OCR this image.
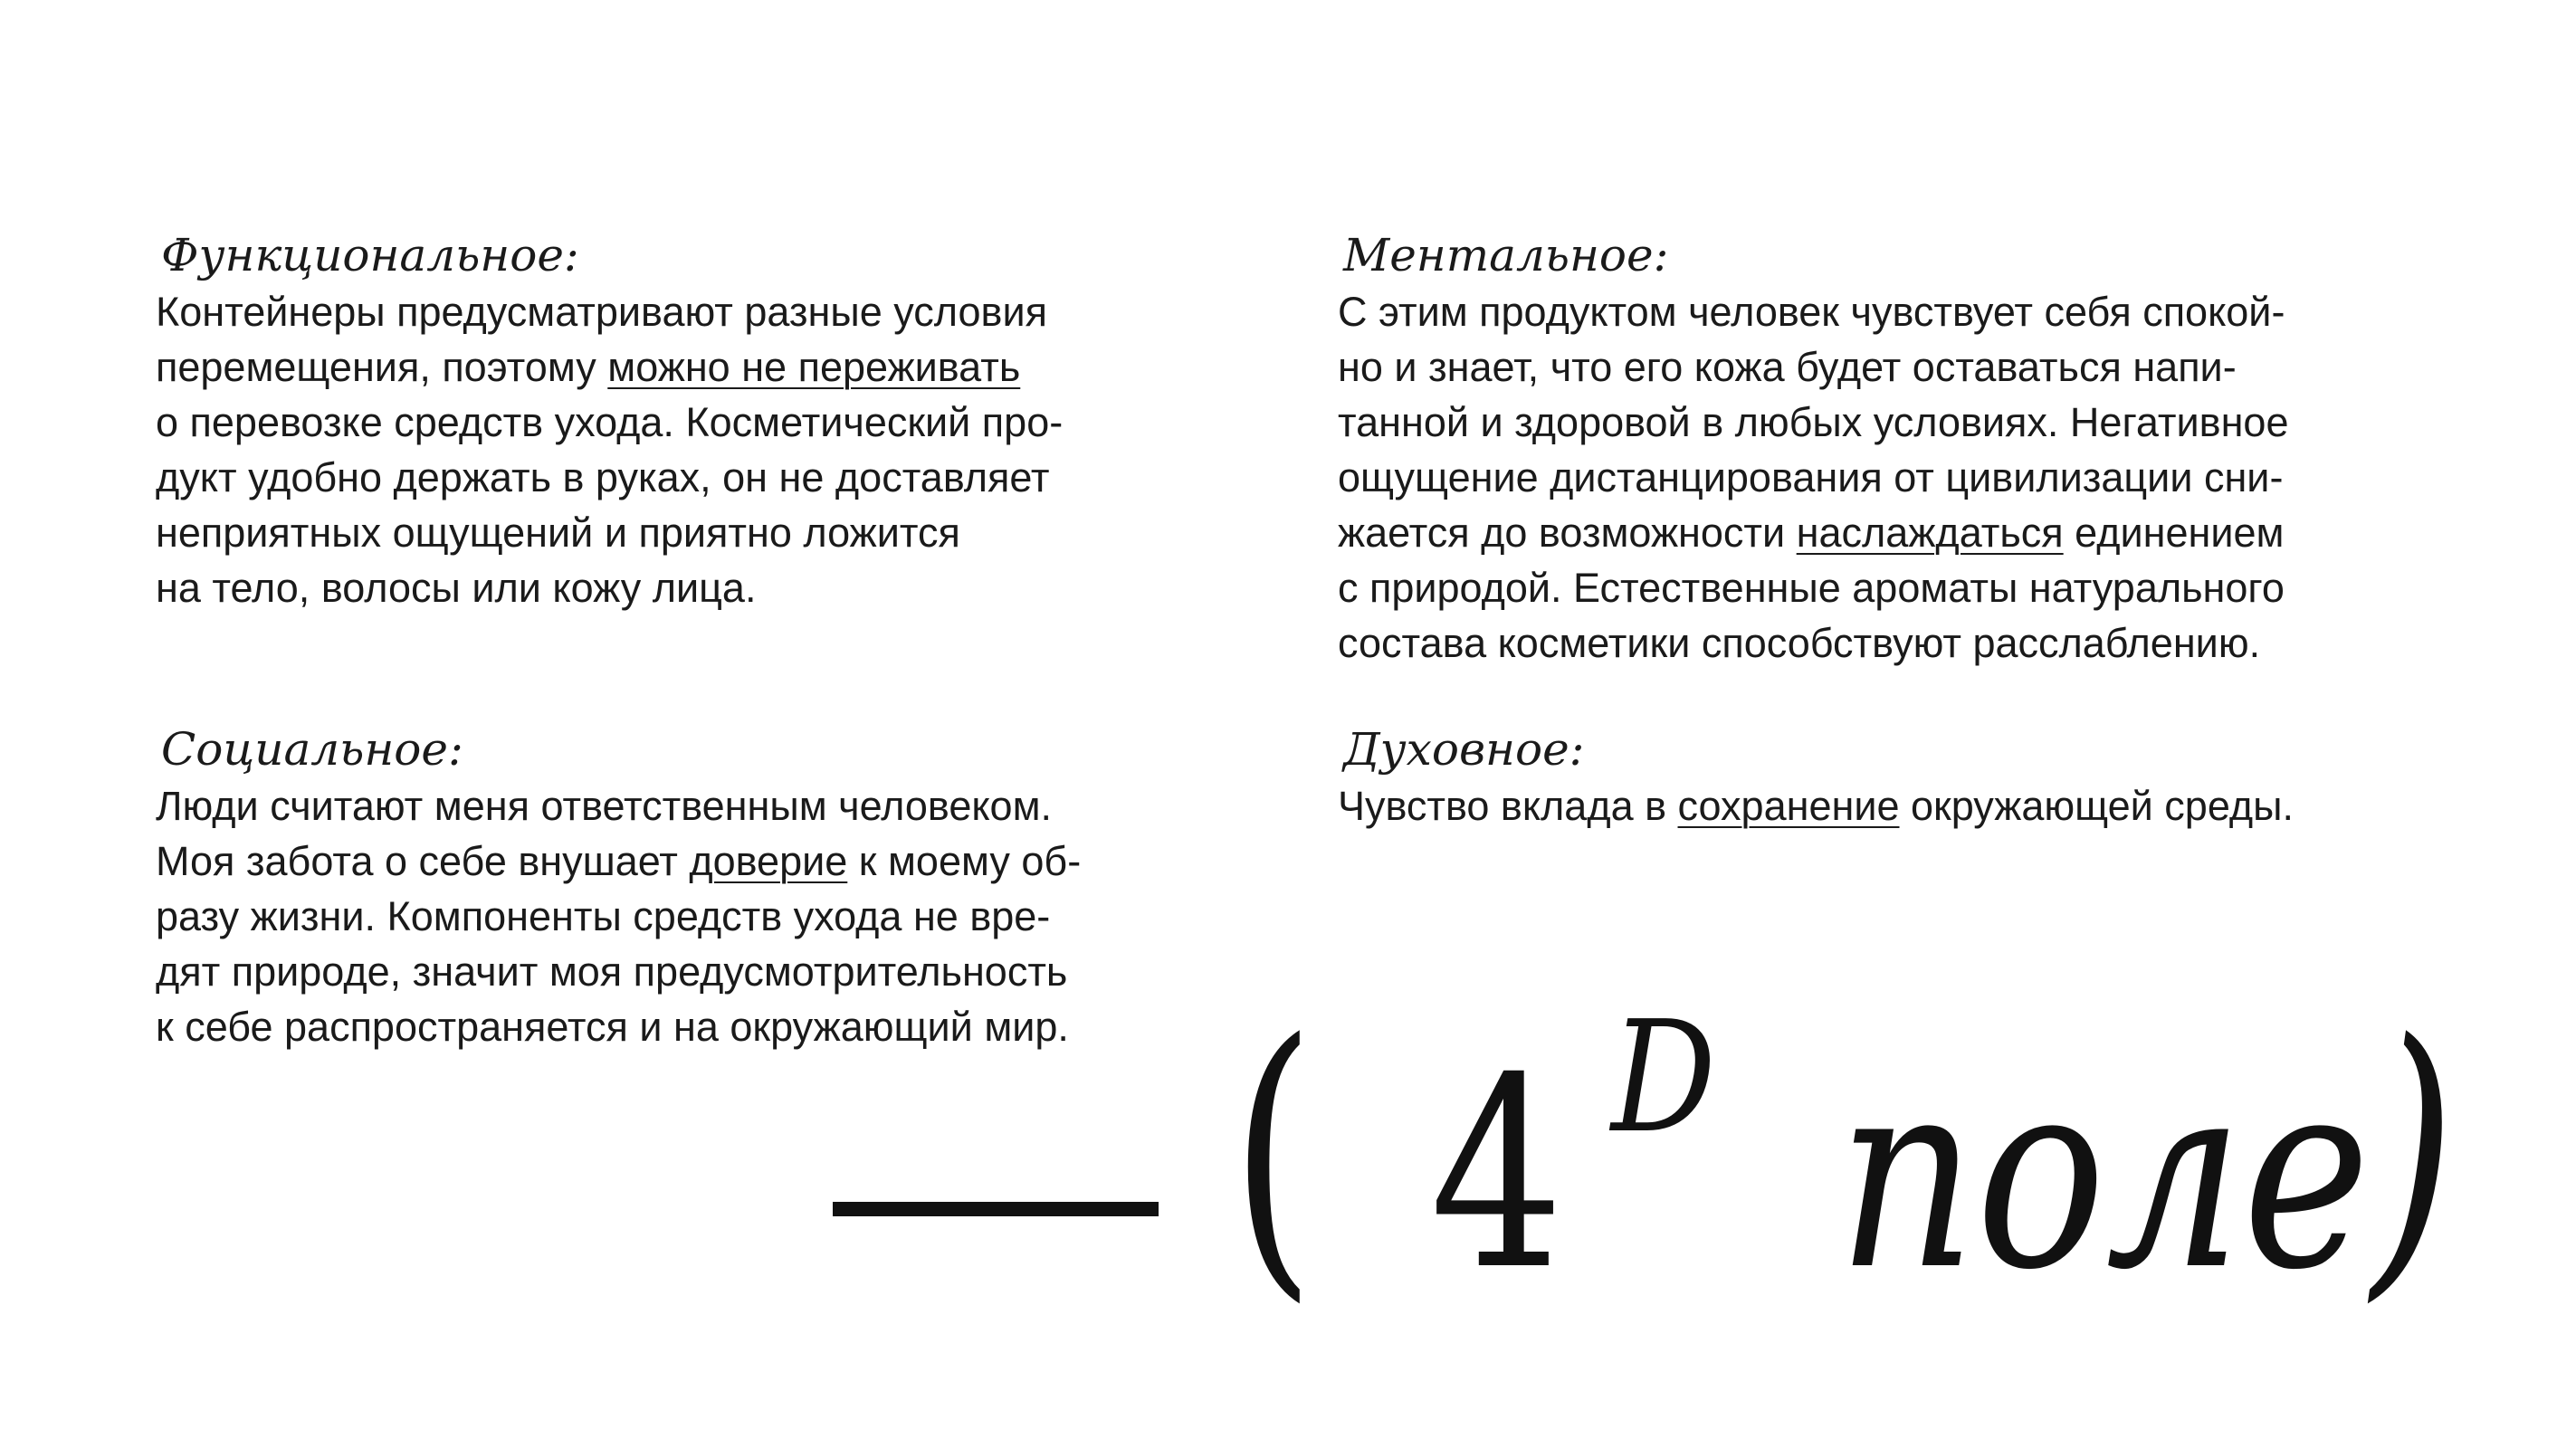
Функциональное:
Контейнеры предусматривают разные условия
перемещения, поэтому можно не переживать
о перевозке средств ухода. Косметический про-
дукт удобно держать в руках, он не доставляет
неприятных ощущений и приятно ложится
на тело, волосы или кожу лица.
Ментальное:
С этим продуктом человек чувствует себя спокой-
но и знает, что его кожа будет оставаться напи-
танной и здоровой в любых условиях. Негативное
ощущение дистанцирования от цивилизации сни-
жается до возможности наслаждаться единением
с природой. Естественные ароматы натурального
состава косметики способствуют расслаблению.
Социальное:
Люди считают меня ответственным человеком.
Моя забота о себе внушает доверие к моему об-
разу жизни. Компоненты средств ухода не вре-
дят природе, значит моя предусмотрительность
к себе распространяется и на окружающий мир.
Духовное:
Чувство вклада в сохранение окружающей среды.
( 4 D поле )
